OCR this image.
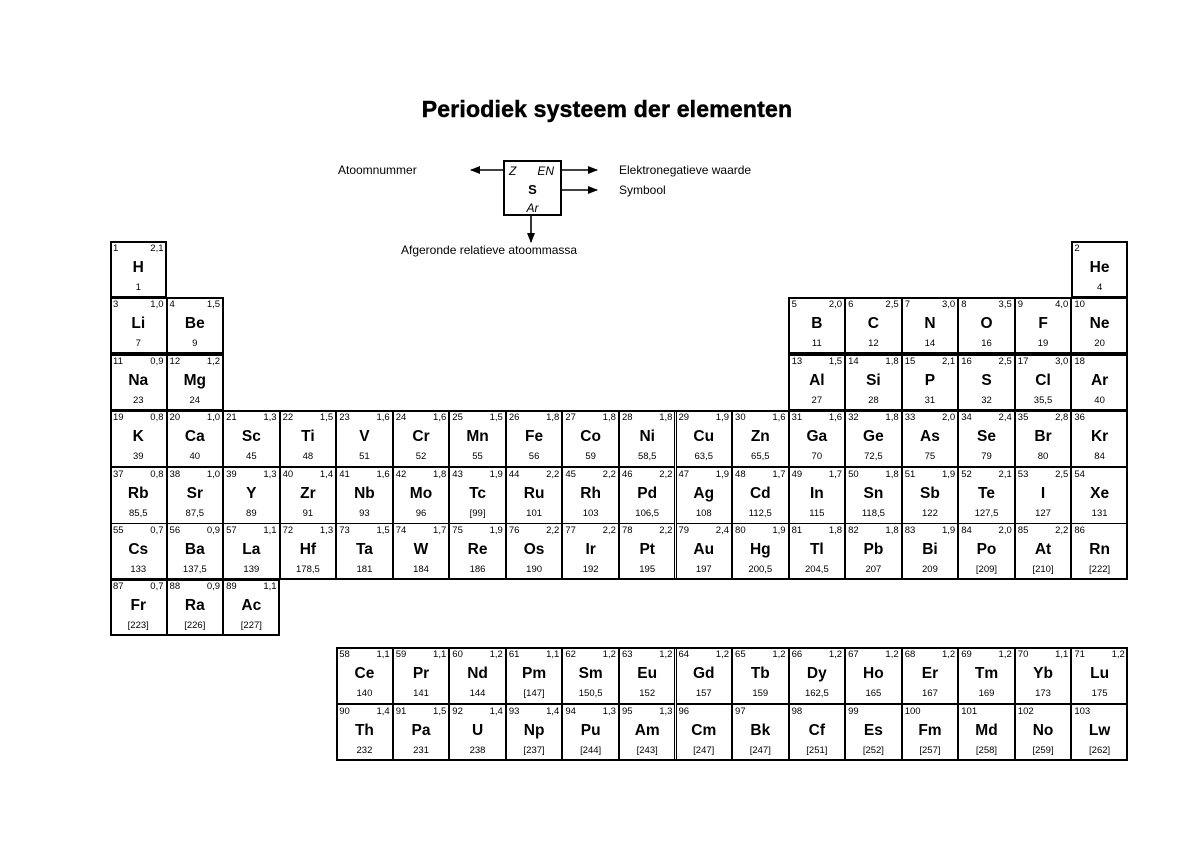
Periodiek systeem der elementen
Atoomnummer	Elektronegatieve waarde
Symbool
Afgeronde relatieve atoommassa
Z EN
S
Ar
1	2,1
H
1
2
He
4
3	1,0
Li
7
4	1,5
Be
9
5	2,0
B
11
6	2,5
C
12
7	3,0
N
14
8	3,5
O
16
9	4,0
F
19
10
Ne
20
11	0,9
Na
23
12	1,2
Mg
24
13	1,5
Al
27
14	1,8
Si
28
15	2,1
P
31
16	2,5
S
32
17	3,0
Cl
35,5
18
Ar
40
19	0,8
K
39
20	1,0
Ca
40
21	1,3
Sc
45
22	1,5
Ti
48
23	1,6
V
51
24	1,6
Cr
52
25	1,5
Mn
55
26	1,8
Fe
56
27	1,8
Co
59
28	1,8
Ni
58,5
29	1,9
Cu
63,5
30	1,6
Zn
65,5
31	1,6
Ga
70
32	1,8
Ge
72,5
33	2,0
As
75
34	2,4
Se
79
35	2,8
Br
80
36
Kr
84
37	0,8
Rb
85,5
38	1,0
Sr
87,5
39	1,3
Y
89
40	1,4
Zr
91
41	1,6
Nb
93
42	1,8
Mo
96
43	1,9
Tc
[99]
44	2,2
Ru
101
45	2,2
Rh
103
46	2,2
Pd
106,5
47	1,9
Ag
108
48	1,7
Cd
112,5
49	1,7
In
115
50	1,8
Sn
118,5
51	1,9
Sb
122
52	2,1
Te
127,5
53	2,5
I
127
54
Xe
131
55	0,7
Cs
133
56	0,9
Ba
137,5
57	1,1
La
139
72	1,3
Hf
178,5
73	1,5
Ta
181
74	1,7
W
184
75	1,9
Re
186
76	2,2
Os
190
77	2,2
Ir
192
78	2,2
Pt
195
79	2,4
Au
197
80	1,9
Hg
200,5
81	1,8
Tl
204,5
82	1,8
Pb
207
83	1,9
Bi
209
84	2,0
Po
[209]
85	2,2
At
[210]
86
Rn
[222]
87	0,7
Fr
[223]
88	0,9
Ra
[226]
89	1,1
Ac
[227]
58	1,1
Ce
140
59	1,1
Pr
141
60	1,2
Nd
144
61	1,1
Pm
[147]
62	1,2
Sm
150,5
63	1,2
Eu
152
64	1,2
Gd
157
65	1,2
Tb
159
66	1,2
Dy
162,5
67	1,2
Ho
165
68	1,2
Er
167
69	1,2
Tm
169
70	1,1
Yb
173
71	1,2
Lu
175
90	1,4
Th
232
91	1,5
Pa
231
92	1,4
U
238
93	1,4
Np
[237]
94	1,3
Pu
[244]
95	1,3
Am
[243]
96
Cm
[247]
97
Bk
[247]
98
Cf
[251]
99
Es
[252]
100
Fm
[257]
101
Md
[258]
102
No
[259]
103
Lw
[262]
